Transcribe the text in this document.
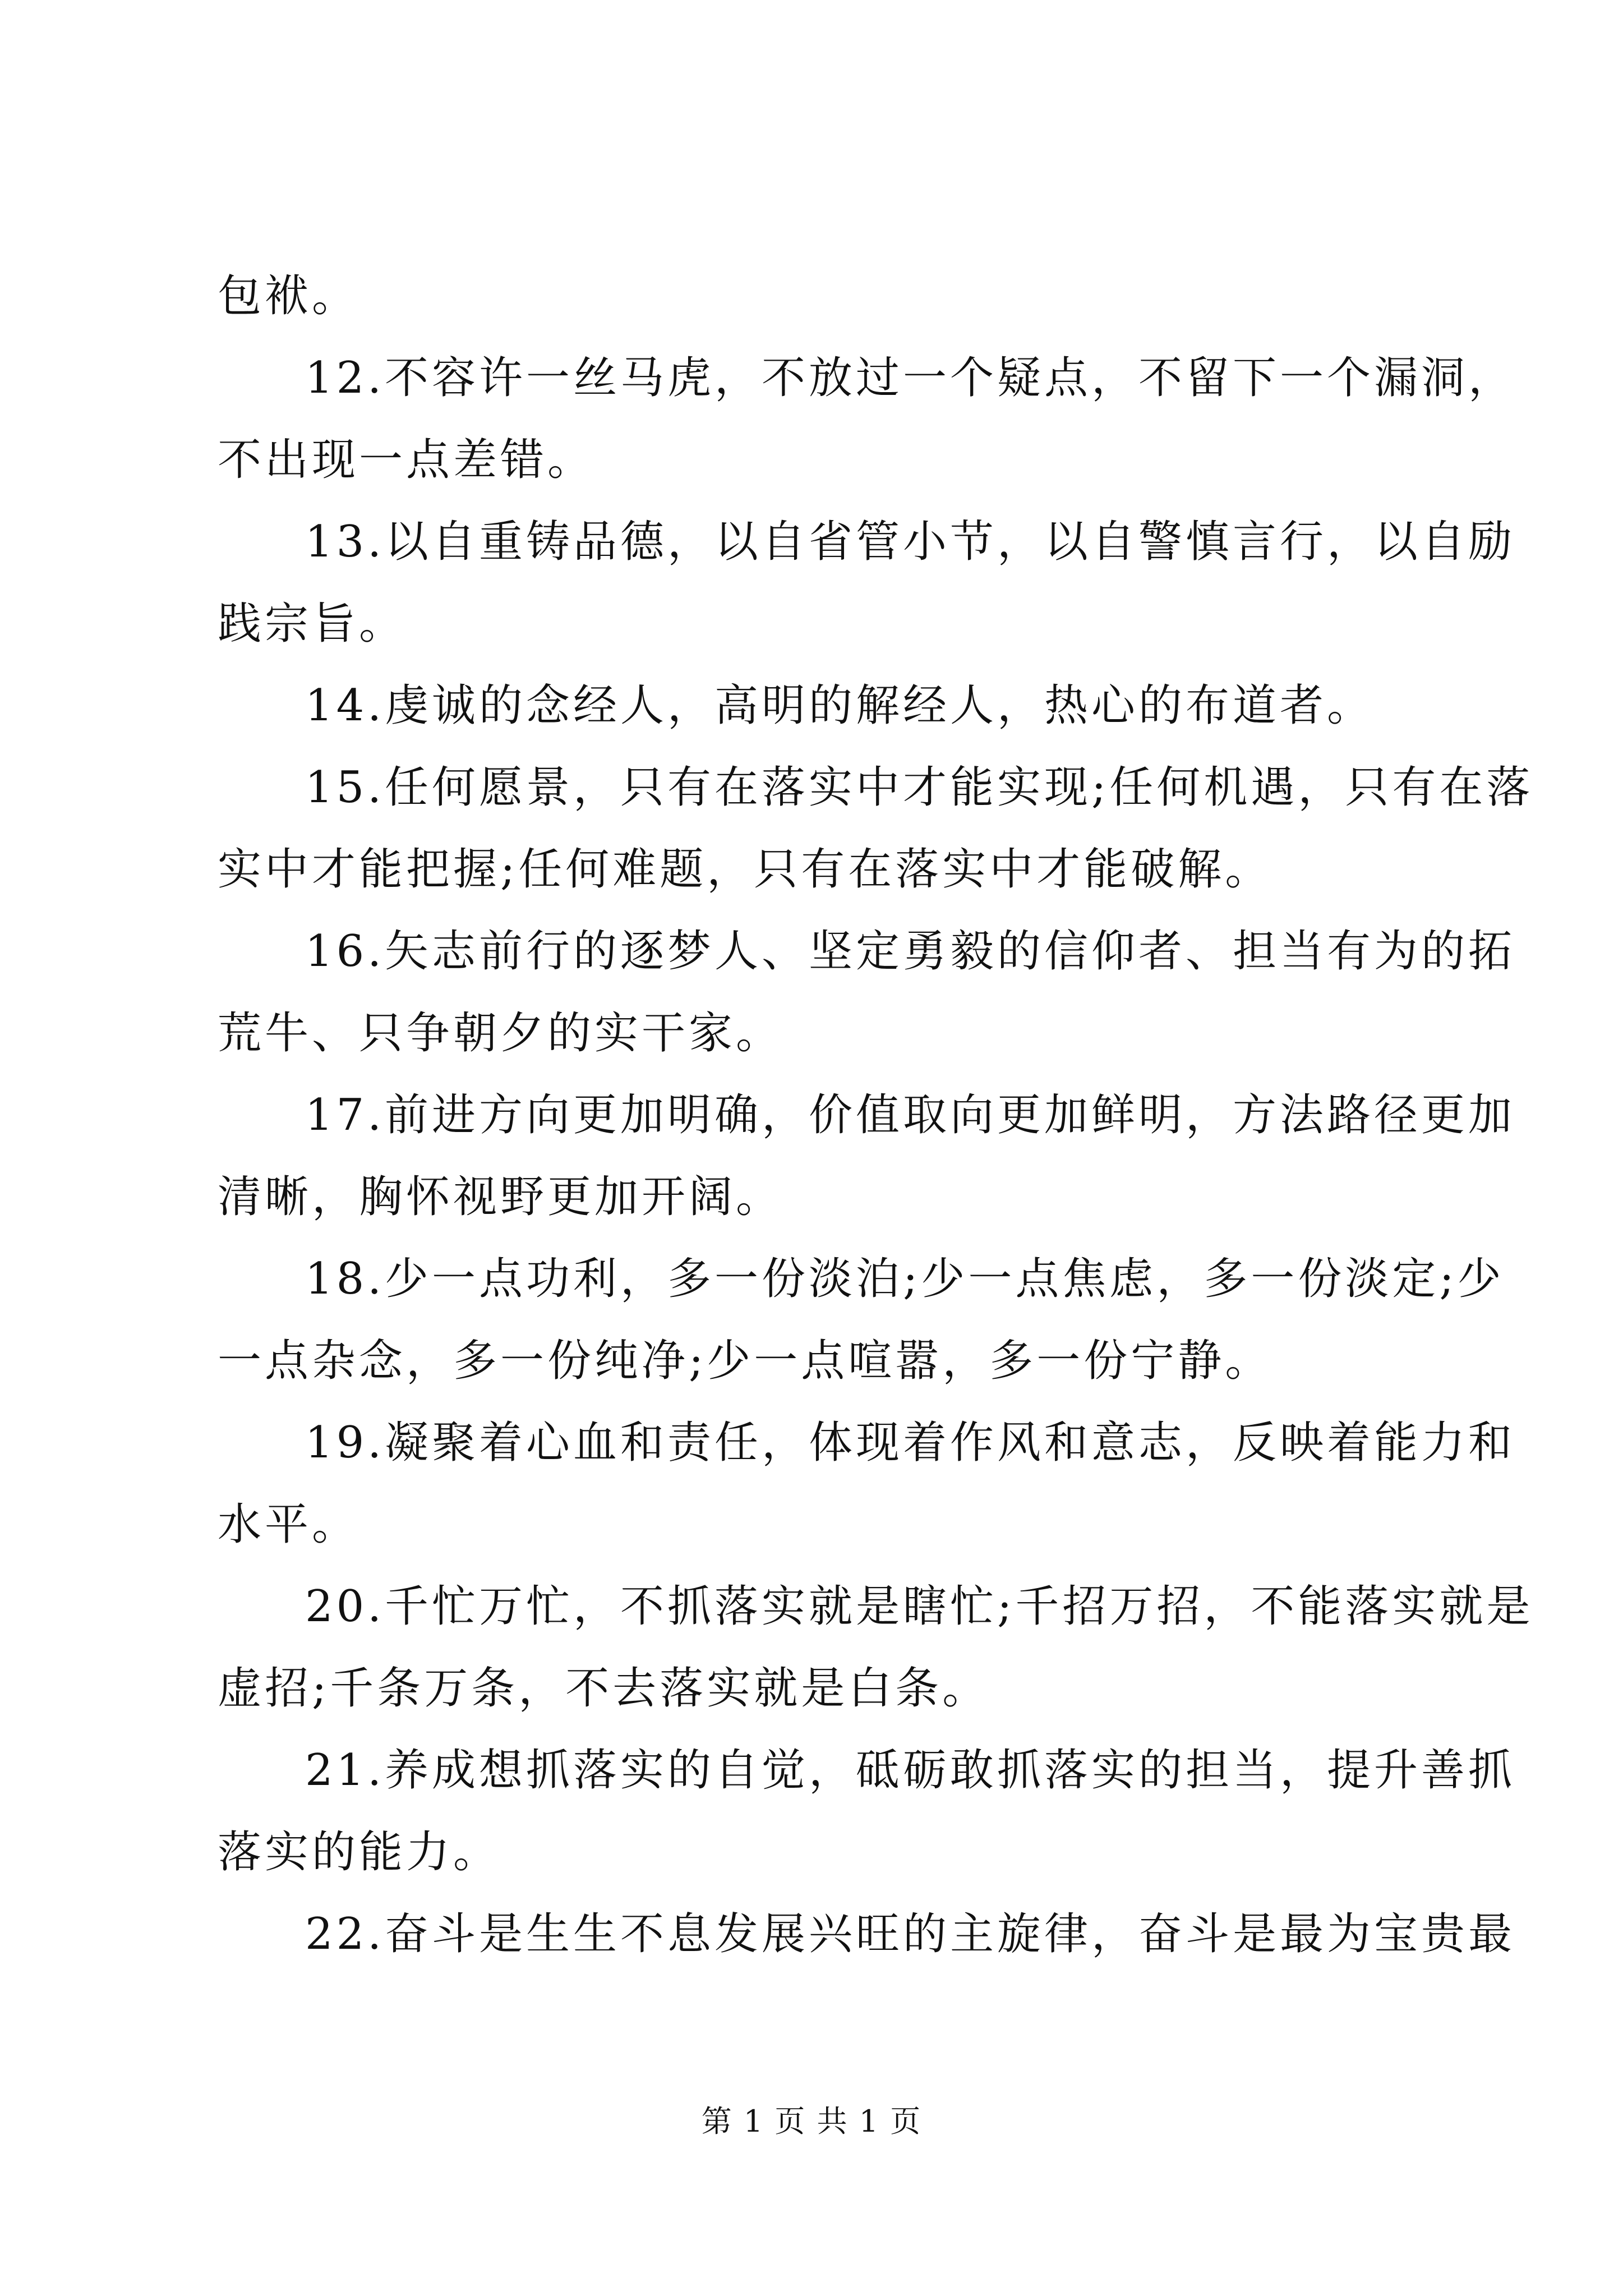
包袱。
12.不容许一丝马虎，不放过一个疑点，不留下一个漏洞，
不出现一点差错。
13.以自重铸品德，以自省管小节，以自警慎言行，以自励
践宗旨。
14.虔诚的念经人，高明的解经人，热心的布道者。
15.任何愿景，只有在落实中才能实现;任何机遇，只有在落
实中才能把握;任何难题，只有在落实中才能破解。
16.矢志前行的逐梦人、坚定勇毅的信仰者、担当有为的拓
荒牛、只争朝夕的实干家。
17.前进方向更加明确，价值取向更加鲜明，方法路径更加
清晰，胸怀视野更加开阔。
18.少一点功利，多一份淡泊;少一点焦虑，多一份淡定;少
一点杂念，多一份纯净;少一点喧嚣，多一份宁静。
19.凝聚着心血和责任，体现着作风和意志，反映着能力和
水平。
20.千忙万忙，不抓落实就是瞎忙;千招万招，不能落实就是
虚招;千条万条，不去落实就是白条。
21.养成想抓落实的自觉，砥砺敢抓落实的担当，提升善抓
落实的能力。
22.奋斗是生生不息发展兴旺的主旋律，奋斗是最为宝贵最
第 1 页 共 1 页
